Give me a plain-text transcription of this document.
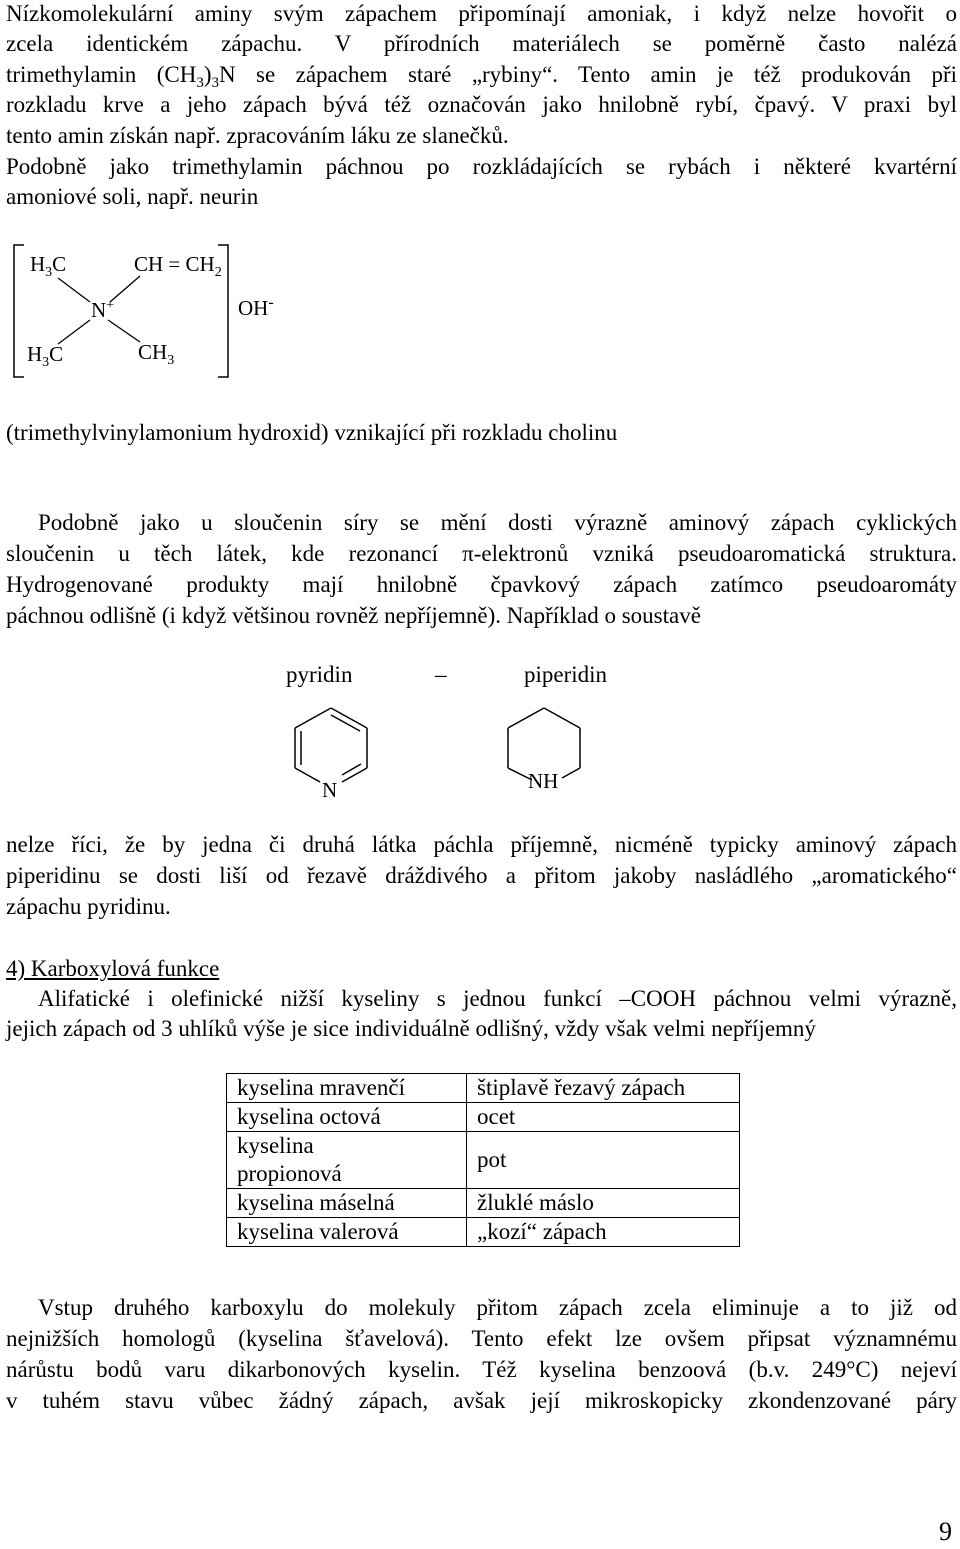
Nízkomolekulární aminy svým zápachem připomínají amoniak, i když nelze hovořit o
zcela identickém zápachu. V přírodních materiálech se poměrně často nalézá
trimethylamin $(CH_3)_3N$ se zápachem staré „rybiny“. Tento amin je též produkován při
rozkladu krve a jeho zápach bývá též označován jako hnilobně rybí, čpavý. V praxi byl
tento amin získán např. zpracováním láku ze slanečků.
Podobně jako trimethylamin páchnou po rozkládajících se rybách i některé kvartérní
amoniové soli, např. neurin
$H_3C$	CH = $CH_2$
N+	OH-
$H_3C$	$CH_3$
(trimethylvinylamonium hydroxid) vznikající při rozkladu cholinu
Podobně jako u sloučenin síry se mění dosti výrazně aminový zápach cyklických
sloučenin u těch látek, kde rezonancí π-elektronů vzniká pseudoaromatická struktura.
Hydrogenované produkty mají hnilobně čpavkový zápach zatímco pseudoaromáty
páchnou odlišně (i když většinou rovněž nepříjemně). Například o soustavě
pyridin	–	piperidin
N	NH
nelze říci, že by jedna či druhá látka páchla příjemně, nicméně typicky aminový zápach
piperidinu se dosti liší od řezavě dráždivého a přitom jakoby nasládlého „aromatického“
zápachu pyridinu.
4) Karboxylová funkce
Alifatické i olefinické nižší kyseliny s jednou funkcí –COOH páchnou velmi výrazně,
jejich zápach od 3 uhlíků výše je sice individuálně odlišný, vždy však velmi nepříjemný
kyselina mravenčí	štiplavě řezavý zápach
kyselina octová	ocet

kyselina
propionová	pot
kyselina máselná	žluklé máslo
kyselina valerová	„kozí“ zápach
Vstup druhého karboxylu do molekuly přitom zápach zcela eliminuje a to již od
nejnižších homologů (kyselina šťavelová). Tento efekt lze ovšem připsat významnému
nárůstu bodů varu dikarbonových kyselin. Též kyselina benzoová (b.v. 249°C) nejeví
v tuhém stavu vůbec žádný zápach, avšak její mikroskopicky zkondenzované páry
9
